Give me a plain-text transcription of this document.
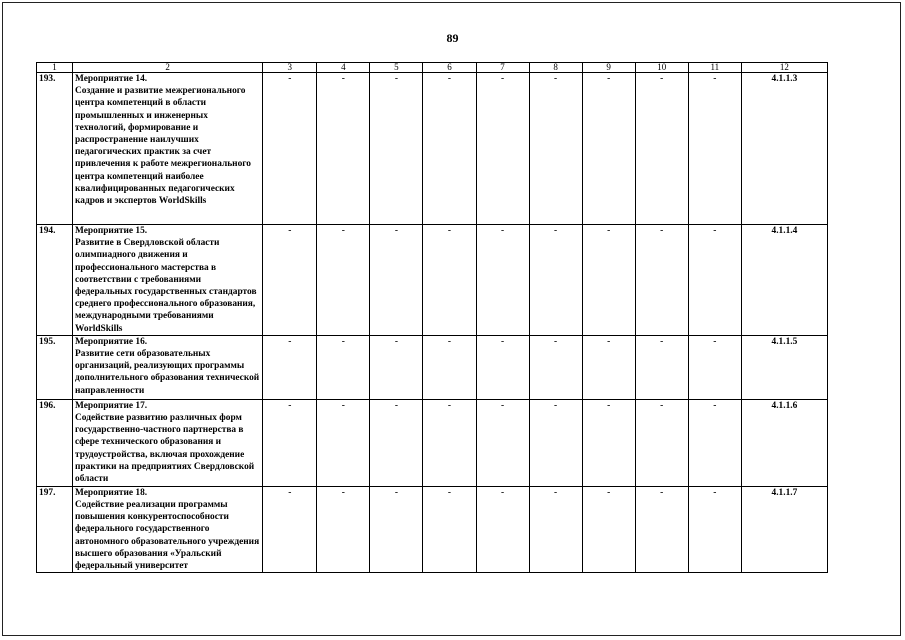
89
1	2	3	4	5	6	7	8	9	10	11	12
193.	Мероприятие 14.
Создание и развитие межрегионального центра компетенций в области промышленных и инженерных технологий, формирование и распространение наилучших педагогических практик за счет привлечения к работе межрегионального центра компетенций наиболее квалифицированных педагогических кадров и экспертов WorldSkills	-	-	-	-	-	-	-	-	-	4.1.1.3
194.	Мероприятие 15.
Развитие в Свердловской области олимпиадного движения и профессионального мастерства в соответствии с требованиями федеральных государственных стандартов среднего профессионального образования, международными требованиями WorldSkills	-	-	-	-	-	-	-	-	-	4.1.1.4
195.	Мероприятие 16.
Развитие сети образовательных организаций, реализующих программы дополнительного образования технической направленности	-	-	-	-	-	-	-	-	-	4.1.1.5
196.	Мероприятие 17.
Содействие развитию различных форм государственно-частного партнерства в сфере технического образования и трудоустройства, включая прохождение практики на предприятиях Свердловской области	-	-	-	-	-	-	-	-	-	4.1.1.6
197.	Мероприятие 18.
Содействие реализации программы повышения конкурентоспособности федерального государственного автономного образовательного учреждения высшего образования «Уральский федеральный университет	-	-	-	-	-	-	-	-	-	4.1.1.7
